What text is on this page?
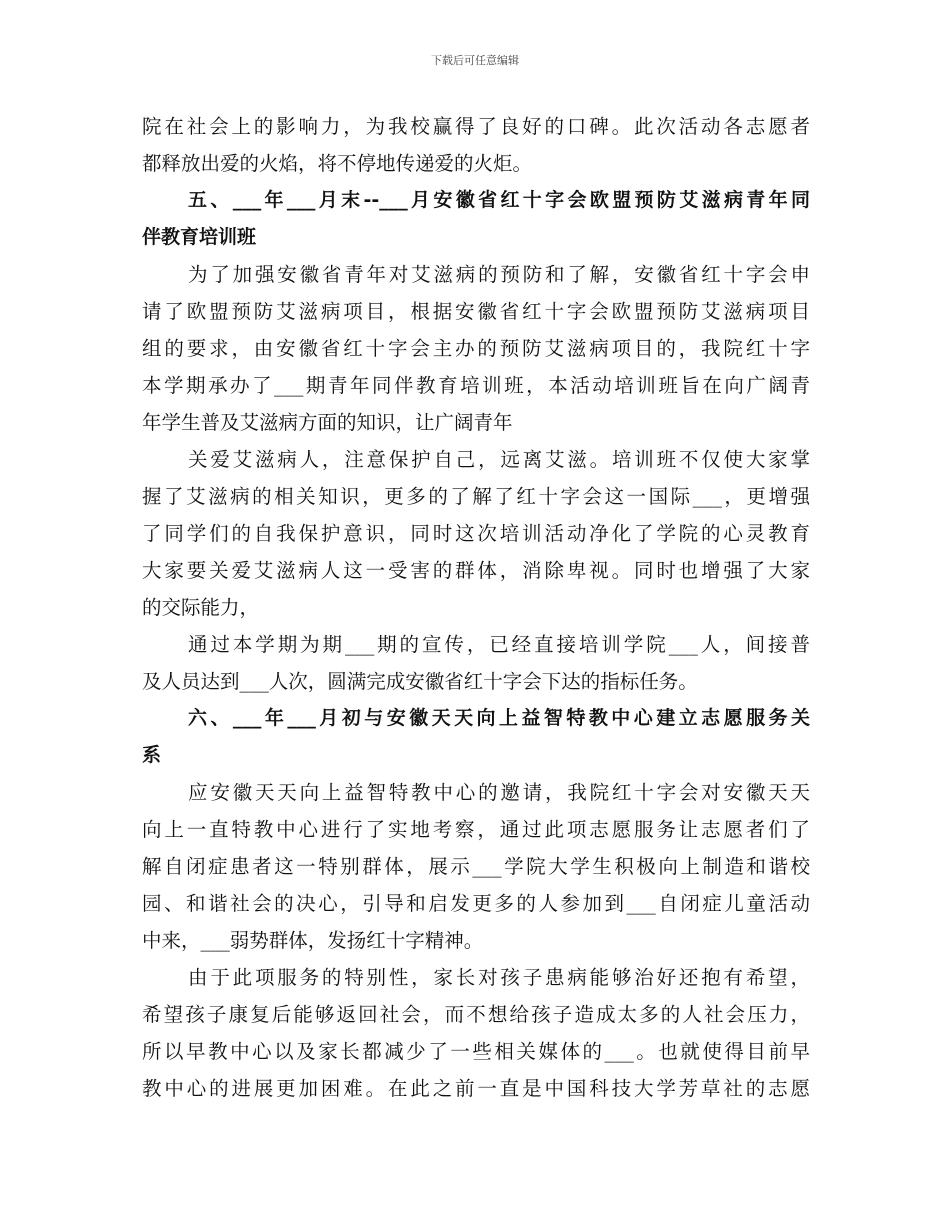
下载后可任意编辑
院在社会上的影响力，为我校赢得了良好的口碑。此次活动各志愿者
都释放出爱的火焰，将不停地传递爱的火炬。
五、___年___月末--___月安徽省红十字会欧盟预防艾滋病青年同
伴教育培训班
为了加强安徽省青年对艾滋病的预防和了解，安徽省红十字会申
请了欧盟预防艾滋病项目，根据安徽省红十字会欧盟预防艾滋病项目
组的要求，由安徽省红十字会主办的预防艾滋病项目的，我院红十字
本学期承办了___期青年同伴教育培训班，本活动培训班旨在向广阔青
年学生普及艾滋病方面的知识，让广阔青年
关爱艾滋病人，注意保护自己，远离艾滋。培训班不仅使大家掌
握了艾滋病的相关知识，更多的了解了红十字会这一国际___，更增强
了同学们的自我保护意识，同时这次培训活动净化了学院的心灵教育
大家要关爱艾滋病人这一受害的群体，消除卑视。同时也增强了大家
的交际能力，
通过本学期为期___期的宣传，已经直接培训学院___人，间接普
及人员达到___人次，圆满完成安徽省红十字会下达的指标任务。
六、___年___月初与安徽天天向上益智特教中心建立志愿服务关
系
应安徽天天向上益智特教中心的邀请，我院红十字会对安徽天天
向上一直特教中心进行了实地考察，通过此项志愿服务让志愿者们了
解自闭症患者这一特别群体，展示___学院大学生积极向上制造和谐校
园、和谐社会的决心，引导和启发更多的人参加到___自闭症儿童活动
中来，___弱势群体，发扬红十字精神。
由于此项服务的特别性，家长对孩子患病能够治好还抱有希望，
希望孩子康复后能够返回社会，而不想给孩子造成太多的人社会压力，
所以早教中心以及家长都减少了一些相关媒体的___。也就使得目前早
教中心的进展更加困难。在此之前一直是中国科技大学芳草社的志愿
